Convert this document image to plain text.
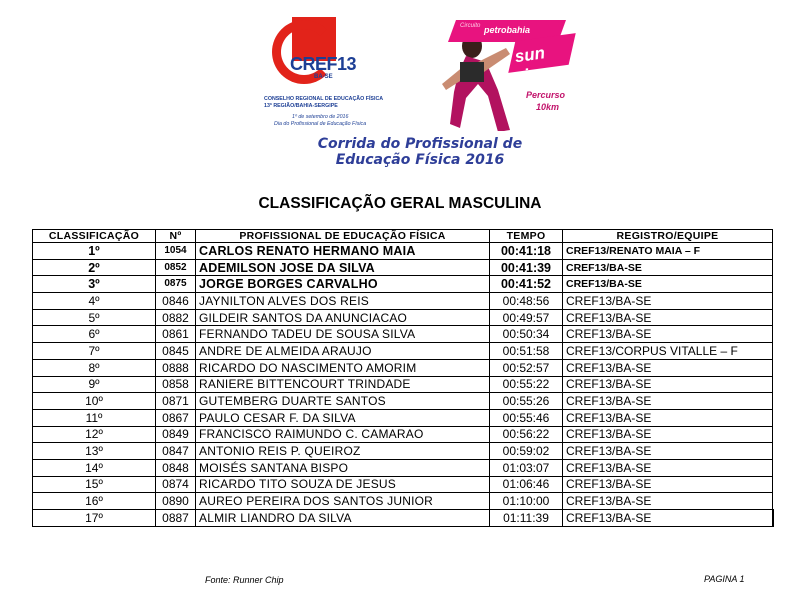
CREF13
BA-SE
CONSELHO REGIONAL DE EDUCAÇÃO FÍSICA
13ª REGIÃO/BAHIA-SERGIPE
1º de setembro de 2016
Dia do Profissional de Educação Física
Circuito petrobahia
sun rise
Percurso
10km
Corrida do Profissional de
Educação Física 2016
CLASSIFICAÇÃO GERAL MASCULINA
CLASSIFICAÇÃO	Nº	PROFISSIONAL DE EDUCAÇÃO FÍSICA	TEMPO	REGISTRO/EQUIPE
1º	1054	CARLOS RENATO HERMANO MAIA	00:41:18	CREF13/RENATO MAIA – F
2º	0852	ADEMILSON JOSE DA SILVA	00:41:39	CREF13/BA-SE
3º	0875	JORGE BORGES CARVALHO	00:41:52	CREF13/BA-SE
4º	0846	JAYNILTON ALVES DOS REIS	00:48:56	CREF13/BA-SE
5º	0882	GILDEIR SANTOS DA ANUNCIACAO	00:49:57	CREF13/BA-SE
6º	0861	FERNANDO TADEU DE SOUSA SILVA	00:50:34	CREF13/BA-SE
7º	0845	ANDRE DE ALMEIDA ARAUJO	00:51:58	CREF13/CORPUS VITALLE – F
8º	0888	RICARDO DO NASCIMENTO AMORIM	00:52:57	CREF13/BA-SE
9º	0858	RANIERE BITTENCOURT TRINDADE	00:55:22	CREF13/BA-SE
10º	0871	GUTEMBERG DUARTE SANTOS	00:55:26	CREF13/BA-SE
11º	0867	PAULO CESAR F. DA SILVA	00:55:46	CREF13/BA-SE
12º	0849	FRANCISCO RAIMUNDO C. CAMARAO	00:56:22	CREF13/BA-SE
13º	0847	ANTONIO REIS P. QUEIROZ	00:59:02	CREF13/BA-SE
14º	0848	MOISÉS SANTANA BISPO	01:03:07	CREF13/BA-SE
15º	0874	RICARDO TITO SOUZA DE JESUS	01:06:46	CREF13/BA-SE
16º	0890	AUREO PEREIRA DOS SANTOS JUNIOR	01:10:00	CREF13/BA-SE
17º	0887	ALMIR LIANDRO DA SILVA	01:11:39	CREF13/BA-SE
Fonte: Runner Chip	PAGINA 1
